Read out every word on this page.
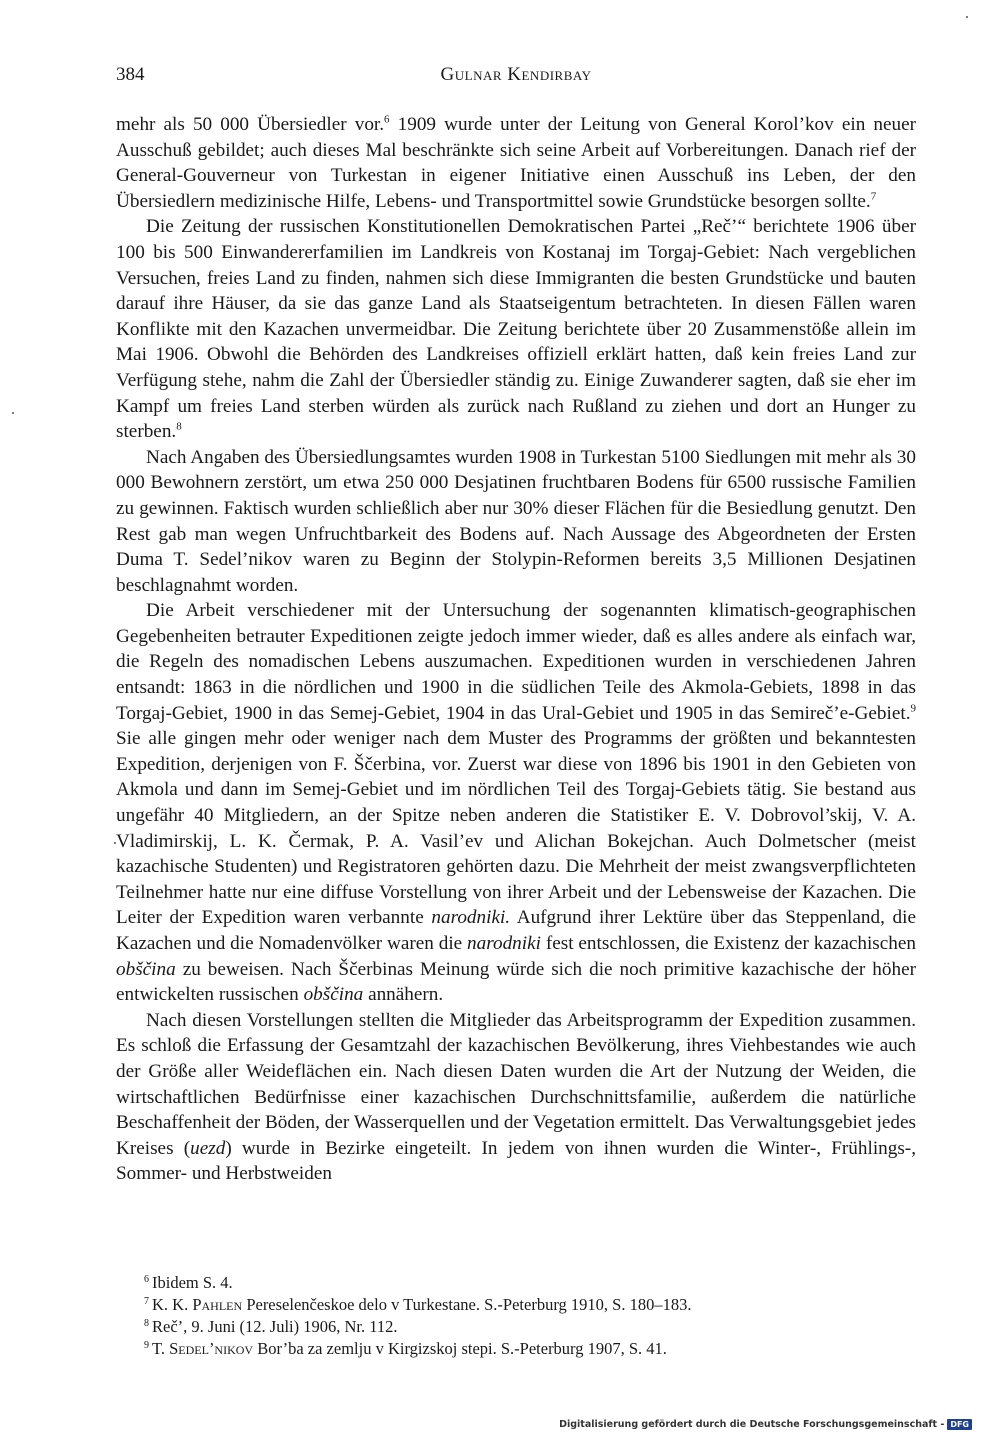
384	Gulnar Kendirbay

mehr als 50 000 Übersiedler vor.$^6$ 1909 wurde unter der Leitung von General Korol’kov ein neuer Ausschuß gebildet; auch dieses Mal beschränkte sich seine Arbeit auf Vorbereitungen. Danach rief der General-Gouverneur von Turkestan in eigener Initiative einen Ausschuß ins Leben, der den Übersiedlern medizinische Hilfe, Lebens- und Transportmittel sowie Grundstücke besorgen sollte.$^7$

Die Zeitung der russischen Konstitutionellen Demokratischen Partei „Reč’“ berichtete 1906 über 100 bis 500 Einwandererfamilien im Landkreis von Kostanaj im Torgaj-Gebiet: Nach vergeblichen Versuchen, freies Land zu finden, nahmen sich diese Immigranten die besten Grundstücke und bauten darauf ihre Häuser, da sie das ganze Land als Staatseigentum betrachteten. In diesen Fällen waren Konflikte mit den Kazachen unvermeidbar. Die Zeitung berichtete über 20 Zusammenstöße allein im Mai 1906. Obwohl die Behörden des Landkreises offiziell erklärt hatten, daß kein freies Land zur Verfügung stehe, nahm die Zahl der Übersiedler ständig zu. Einige Zuwanderer sagten, daß sie eher im Kampf um freies Land sterben würden als zurück nach Rußland zu ziehen und dort an Hunger zu sterben.$^8$

Nach Angaben des Übersiedlungsamtes wurden 1908 in Turkestan 5100 Siedlungen mit mehr als 30 000 Bewohnern zerstört, um etwa 250 000 Desjatinen fruchtbaren Bodens für 6500 russische Familien zu gewinnen. Faktisch wurden schließlich aber nur 30% dieser Flächen für die Besiedlung genutzt. Den Rest gab man wegen Unfruchtbarkeit des Bodens auf. Nach Aussage des Abgeordneten der Ersten Duma T. Sedel’nikov waren zu Beginn der Stolypin-Reformen bereits 3,5 Millionen Desjatinen beschlagnahmt worden.

Die Arbeit verschiedener mit der Untersuchung der sogenannten klimatisch-geographischen Gegebenheiten betrauter Expeditionen zeigte jedoch immer wieder, daß es alles andere als einfach war, die Regeln des nomadischen Lebens auszumachen. Expeditionen wurden in verschiedenen Jahren entsandt: 1863 in die nördlichen und 1900 in die südlichen Teile des Akmola-Gebiets, 1898 in das Torgaj-Gebiet, 1900 in das Semej-Gebiet, 1904 in das Ural-Gebiet und 1905 in das Semireč’e-Gebiet.$^9$ Sie alle gingen mehr oder weniger nach dem Muster des Programms der größten und bekanntesten Expedition, derjenigen von F. Ščerbina, vor. Zuerst war diese von 1896 bis 1901 in den Gebieten von Akmola und dann im Semej-Gebiet und im nördlichen Teil des Torgaj-Gebiets tätig. Sie bestand aus ungefähr 40 Mitgliedern, an der Spitze neben anderen die Statistiker E. V. Dobrovol’skij, V. A. Vladimirskij, L. K. Čermak, P. A. Vasil’ev und Alichan Bokejchan. Auch Dolmetscher (meist kazachische Studenten) und Registratoren gehörten dazu. Die Mehrheit der meist zwangsverpflichteten Teilnehmer hatte nur eine diffuse Vorstellung von ihrer Arbeit und der Lebensweise der Kazachen. Die Leiter der Expedition waren verbannte narodniki. Aufgrund ihrer Lektüre über das Steppenland, die Kazachen und die Nomadenvölker waren die narodniki fest entschlossen, die Existenz der kazachischen obščina zu beweisen. Nach Ščerbinas Meinung würde sich die noch primitive kazachische der höher entwickelten russischen obščina annähern.

Nach diesen Vorstellungen stellten die Mitglieder das Arbeitsprogramm der Expedition zusammen. Es schloß die Erfassung der Gesamtzahl der kazachischen Bevölkerung, ihres Viehbestandes wie auch der Größe aller Weideflächen ein. Nach diesen Daten wurden die Art der Nutzung der Weiden, die wirtschaftlichen Bedürfnisse einer kazachischen Durchschnittsfamilie, außerdem die natürliche Beschaffenheit der Böden, der Wasserquellen und der Vegetation ermittelt. Das Verwaltungsgebiet jedes Kreises (uezd) wurde in Bezirke eingeteilt. In jedem von ihnen wurden die Winter-, Frühlings-, Sommer- und Herbstweiden

$^6$ Ibidem S. 4.

$^7$ K. K. Pahlen Pereselenčeskoe delo v Turkestane. S.-Peterburg 1910, S. 180–183.

$^8$ Reč’, 9. Juni (12. Juli) 1906, Nr. 112.

$^9$ T. Sedel’nikov Bor’ba za zemlju v Kirgizskoj stepi. S.-Peterburg 1907, S. 41.

Digitalisierung gefördert durch die Deutsche Forschungsgemeinschaft - DFG
